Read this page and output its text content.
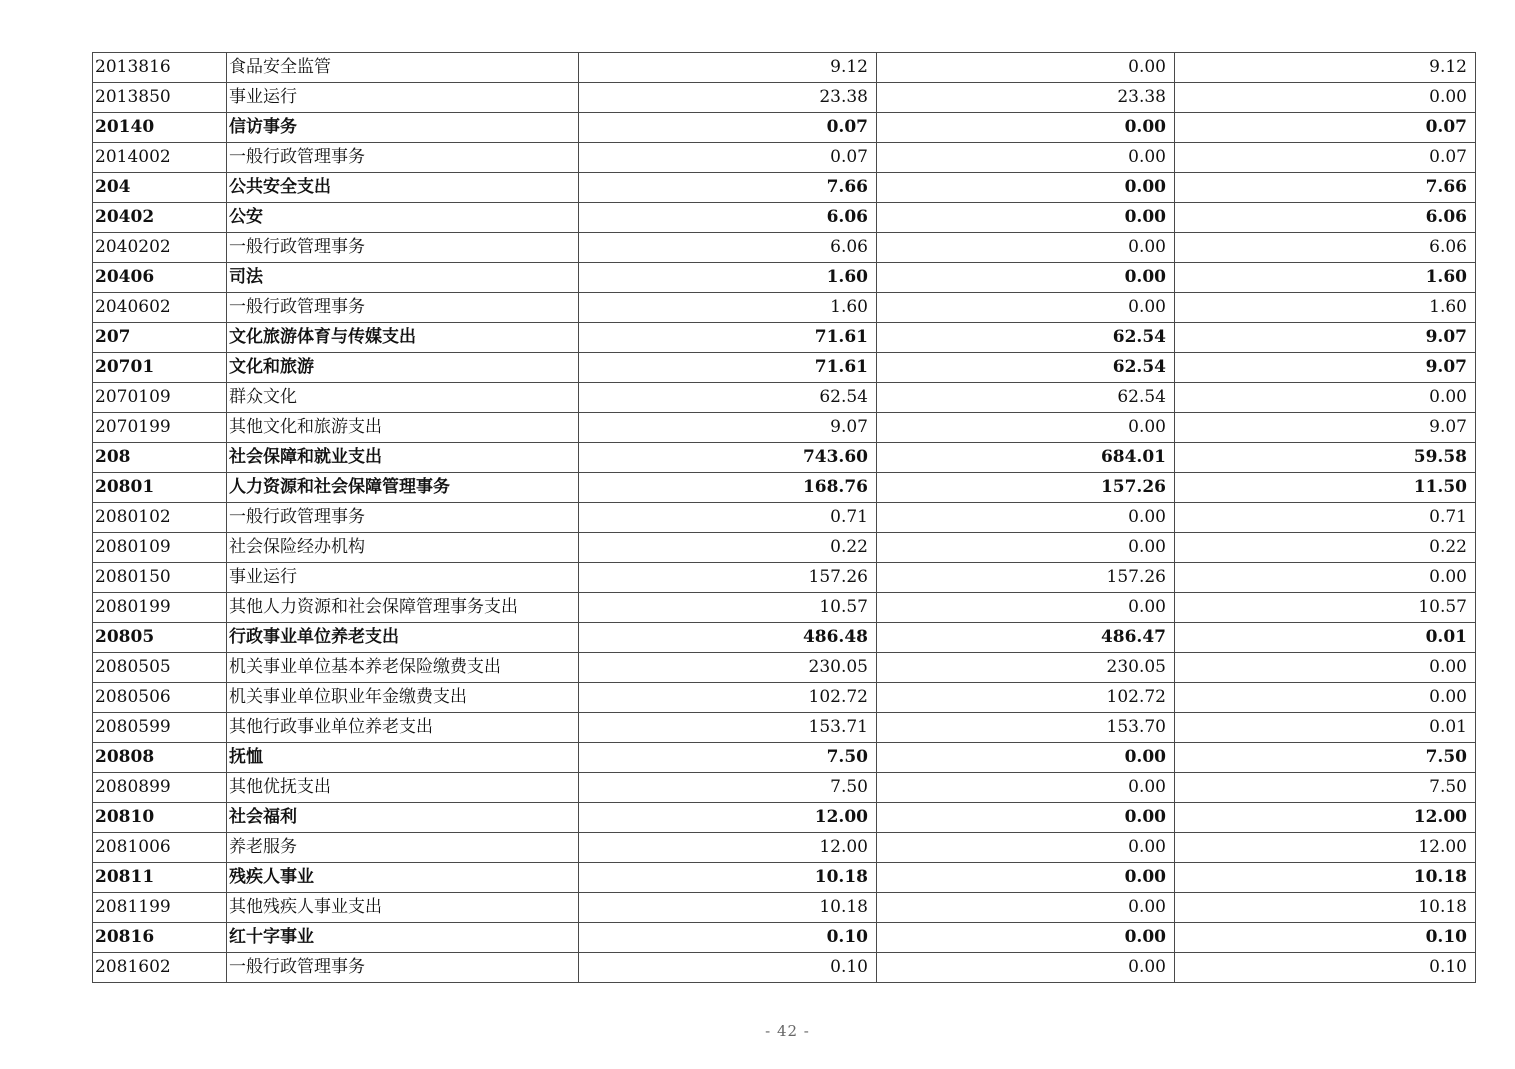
2013816	食品安全监管	9.12	0.00	9.12
2013850	事业运行	23.38	23.38	0.00
20140	信访事务	0.07	0.00	0.07
2014002	一般行政管理事务	0.07	0.00	0.07
204	公共安全支出	7.66	0.00	7.66
20402	公安	6.06	0.00	6.06
2040202	一般行政管理事务	6.06	0.00	6.06
20406	司法	1.60	0.00	1.60
2040602	一般行政管理事务	1.60	0.00	1.60
207	文化旅游体育与传媒支出	71.61	62.54	9.07
20701	文化和旅游	71.61	62.54	9.07
2070109	群众文化	62.54	62.54	0.00
2070199	其他文化和旅游支出	9.07	0.00	9.07
208	社会保障和就业支出	743.60	684.01	59.58
20801	人力资源和社会保障管理事务	168.76	157.26	11.50
2080102	一般行政管理事务	0.71	0.00	0.71
2080109	社会保险经办机构	0.22	0.00	0.22
2080150	事业运行	157.26	157.26	0.00
2080199	其他人力资源和社会保障管理事务支出	10.57	0.00	10.57
20805	行政事业单位养老支出	486.48	486.47	0.01
2080505	机关事业单位基本养老保险缴费支出	230.05	230.05	0.00
2080506	机关事业单位职业年金缴费支出	102.72	102.72	0.00
2080599	其他行政事业单位养老支出	153.71	153.70	0.01
20808	抚恤	7.50	0.00	7.50
2080899	其他优抚支出	7.50	0.00	7.50
20810	社会福利	12.00	0.00	12.00
2081006	养老服务	12.00	0.00	12.00
20811	残疾人事业	10.18	0.00	10.18
2081199	其他残疾人事业支出	10.18	0.00	10.18
20816	红十字事业	0.10	0.00	0.10
2081602	一般行政管理事务	0.10	0.00	0.10
- 42 -
